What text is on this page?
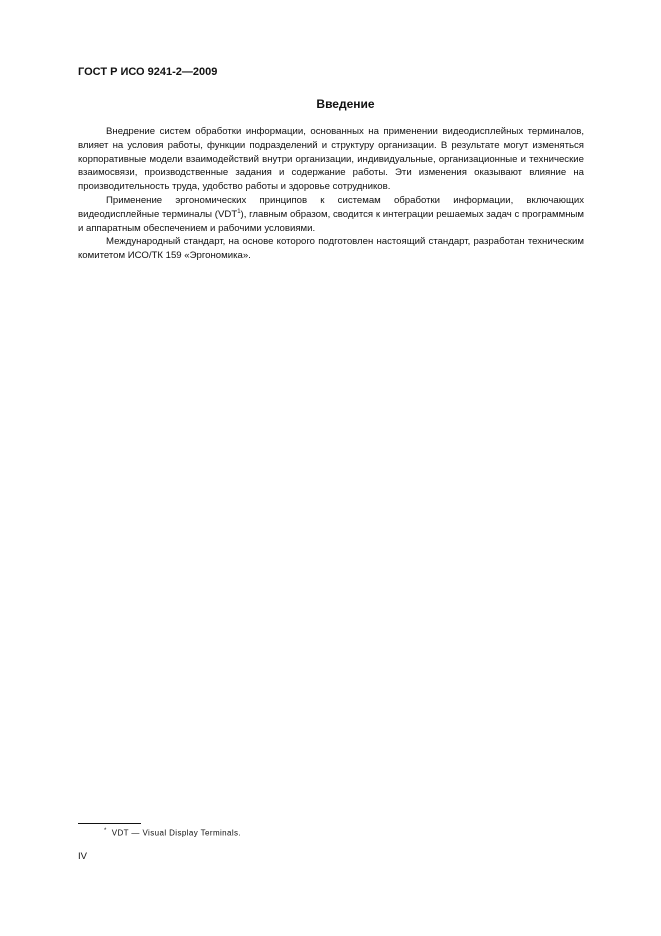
ГОСТ Р ИСО 9241-2—2009
Введение

Внедрение систем обработки информации, основанных на применении видеодисплейных терминалов, влияет на условия работы, функции подразделений и структуру организации. В результате могут изменяться корпоративные модели взаимодействий внутри организации, индивидуальные, организационные и технические взаимосвязи, производственные задания и содержание работы. Эти изменения оказывают влияние на производительность труда, удобство работы и здоровье сотрудников.

Применение эргономических принципов к системам обработки информации, включающих видеодисплейные терминалы (VDT$^1$), главным образом, сводится к интеграции решаемых задач с программным и аппаратным обеспечением и рабочими условиями.

Международный стандарт, на основе которого подготовлен настоящий стандарт, разработан техническим комитетом ИСО/ТК 159 «Эргономика».

* VDT — Visual Display Terminals.
IV
